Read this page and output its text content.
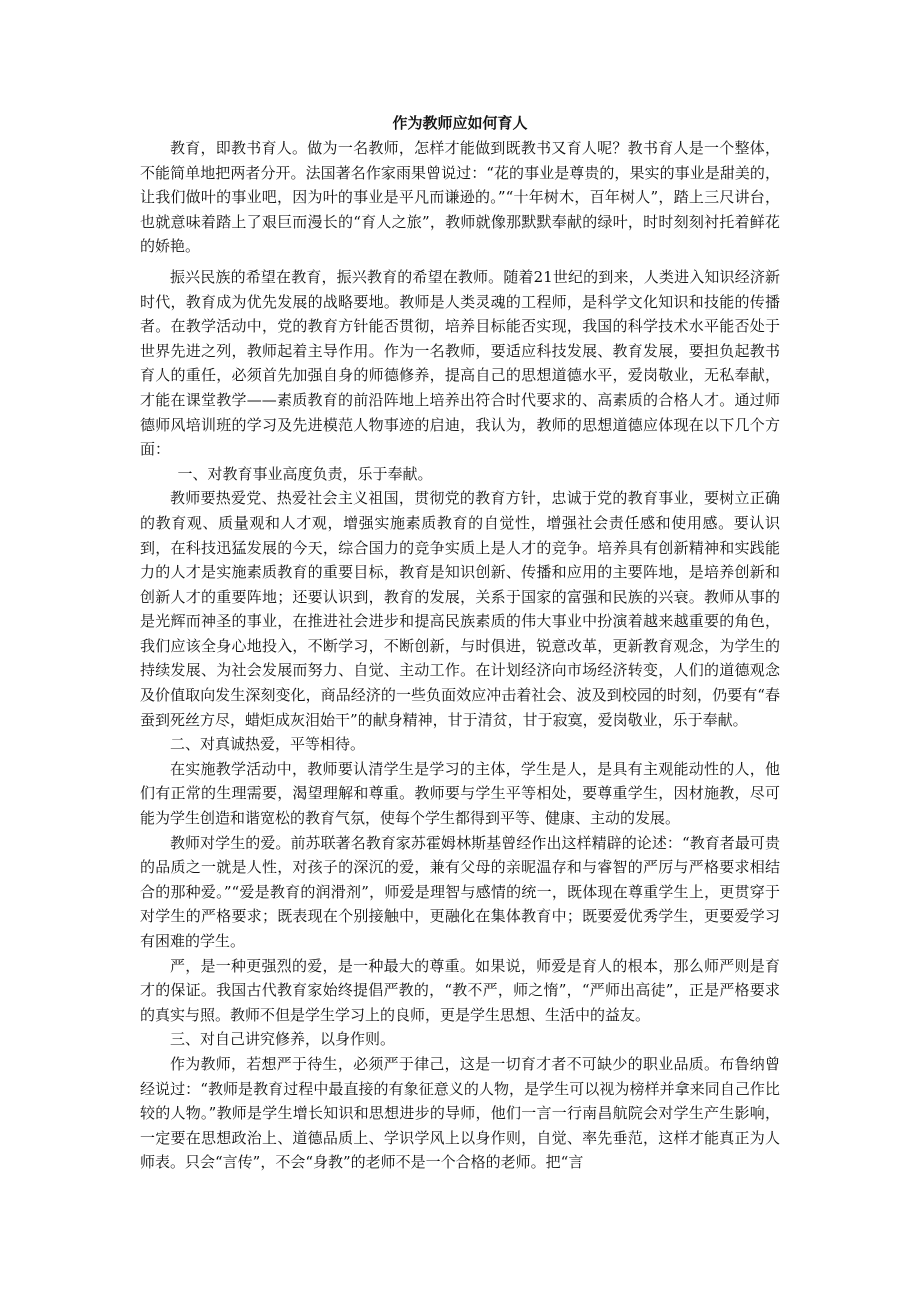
作为教师应如何育人

教育，即教书育人。做为一名教师，怎样才能做到既教书又育人呢？教书育人是一个整体，不能简单地把两者分开。法国著名作家雨果曾说过：“花的事业是尊贵的，果实的事业是甜美的，让我们做叶的事业吧，因为叶的事业是平凡而谦逊的。”“十年树木，百年树人”，踏上三尺讲台，也就意味着踏上了艰巨而漫长的“育人之旅”，教师就像那默默奉献的绿叶，时时刻刻衬托着鲜花的娇艳。

振兴民族的希望在教育，振兴教育的希望在教师。随着21世纪的到来，人类进入知识经济新时代，教育成为优先发展的战略要地。教师是人类灵魂的工程师，是科学文化知识和技能的传播者。在教学活动中，党的教育方针能否贯彻，培养目标能否实现，我国的科学技术水平能否处于世界先进之列，教师起着主导作用。作为一名教师，要适应科技发展、教育发展，要担负起教书育人的重任，必须首先加强自身的师德修养，提高自己的思想道德水平，爱岗敬业，无私奉献，才能在课堂教学——素质教育的前沿阵地上培养出符合时代要求的、高素质的合格人才。通过师德师风培训班的学习及先进模范人物事迹的启迪，我认为，教师的思想道德应体现在以下几个方面：

一、对教育事业高度负责，乐于奉献。

教师要热爱党、热爱社会主义祖国，贯彻党的教育方针，忠诚于党的教育事业，要树立正确的教育观、质量观和人才观，增强实施素质教育的自觉性，增强社会责任感和使用感。要认识到，在科技迅猛发展的今天，综合国力的竞争实质上是人才的竞争。培养具有创新精神和实践能力的人才是实施素质教育的重要目标，教育是知识创新、传播和应用的主要阵地，是培养创新和创新人才的重要阵地；还要认识到，教育的发展，关系于国家的富强和民族的兴衰。教师从事的是光辉而神圣的事业，在推进社会进步和提高民族素质的伟大事业中扮演着越来越重要的角色，我们应该全身心地投入，不断学习，不断创新，与时俱进，锐意改革，更新教育观念，为学生的持续发展、为社会发展而努力、自觉、主动工作。在计划经济向市场经济转变，人们的道德观念及价值取向发生深刻变化，商品经济的一些负面效应冲击着社会、波及到校园的时刻，仍要有“春蚕到死丝方尽，蜡炬成灰泪始干”的献身精神，甘于清贫，甘于寂寞，爱岗敬业，乐于奉献。

二、对真诚热爱，平等相待。

在实施教学活动中，教师要认清学生是学习的主体，学生是人，是具有主观能动性的人，他们有正常的生理需要，渴望理解和尊重。教师要与学生平等相处，要尊重学生，因材施教，尽可能为学生创造和谐宽松的教育气氛，使每个学生都得到平等、健康、主动的发展。

教师对学生的爱。前苏联著名教育家苏霍姆林斯基曾经作出这样精辟的论述：“教育者最可贵的品质之一就是人性，对孩子的深沉的爱，兼有父母的亲昵温存和与睿智的严厉与严格要求相结合的那种爱。”“爱是教育的润滑剂”，师爱是理智与感情的统一，既体现在尊重学生上，更贯穿于对学生的严格要求；既表现在个别接触中，更融化在集体教育中；既要爱优秀学生，更要爱学习有困难的学生。

严，是一种更强烈的爱，是一种最大的尊重。如果说，师爱是育人的根本，那么师严则是育才的保证。我国古代教育家始终提倡严教的，“教不严，师之惰”，“严师出高徒”，正是严格要求的真实与照。教师不但是学生学习上的良师，更是学生思想、生活中的益友。

三、对自己讲究修养，以身作则。

作为教师，若想严于待生，必须严于律己，这是一切育才者不可缺少的职业品质。布鲁纳曾经说过：“教师是教育过程中最直接的有象征意义的人物，是学生可以视为榜样并拿来同自己作比较的人物。”教师是学生增长知识和思想进步的导师，他们一言一行南昌航院会对学生产生影响，一定要在思想政治上、道德品质上、学识学风上以身作则，自觉、率先垂范，这样才能真正为人师表。只会“言传”，不会“身教”的老师不是一个合格的老师。把“言
